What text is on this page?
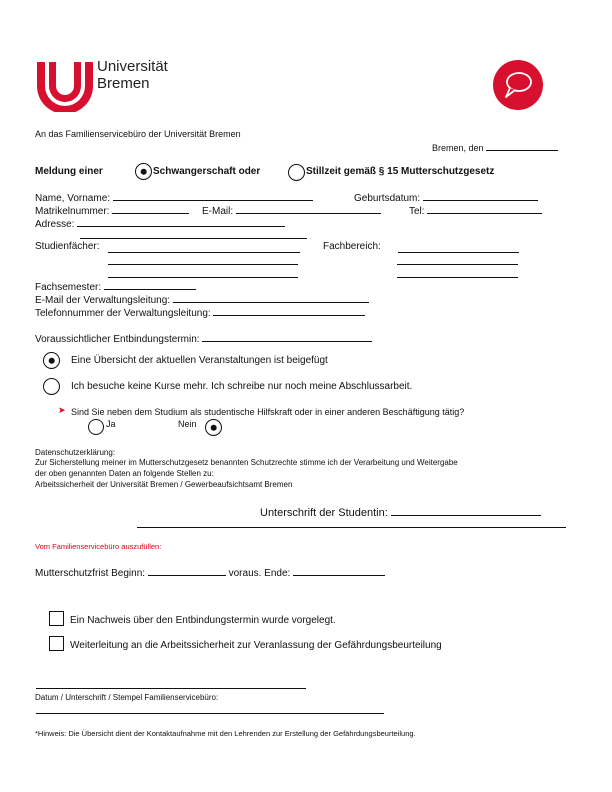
Universität
Bremen
An das Familienservicebüro der Universität Bremen
Bremen, den
Meldung einer	Schwangerschaft oder	Stillzeit gemäß § 15 Mutterschutzgesetz
Name, Vorname:	Geburtsdatum:
Matrikelnummer:	E-Mail:	Tel:
Adresse:
Studienfächer:	Fachbereich:
Fachsemester:
E-Mail der Verwaltungsleitung:
Telefonnummer der Verwaltungsleitung:
Voraussichtlicher Entbindungstermin:
Eine Übersicht der aktuellen Veranstaltungen ist beigefügt
Ich besuche keine Kurse mehr. Ich schreibe nur noch meine Abschlussarbeit.
➤ Sind Sie neben dem Studium als studentische Hilfskraft oder in einer anderen Beschäftigung tätig?
Ja	Nein
Datenschutzerklärung:
Zur Sicherstellung meiner im Mutterschutzgesetz benannten Schutzrechte stimme ich der Verarbeitung und Weitergabe
der oben genannten Daten an folgende Stellen zu:
Arbeitssicherheit der Universität Bremen / Gewerbeaufsichtsamt Bremen
Unterschrift der Studentin:
Vom Familienservicebüro auszufüllen:
Mutterschutzfrist Beginn:	voraus. Ende:
Ein Nachweis über den Entbindungstermin wurde vorgelegt.
Weiterleitung an die Arbeitssicherheit zur Veranlassung der Gefährdungsbeurteilung
Datum / Unterschrift / Stempel Familienservicebüro:
*Hinweis: Die Übersicht dient der Kontaktaufnahme mit den Lehrenden zur Erstellung der Gefährdungsbeurteilung.
